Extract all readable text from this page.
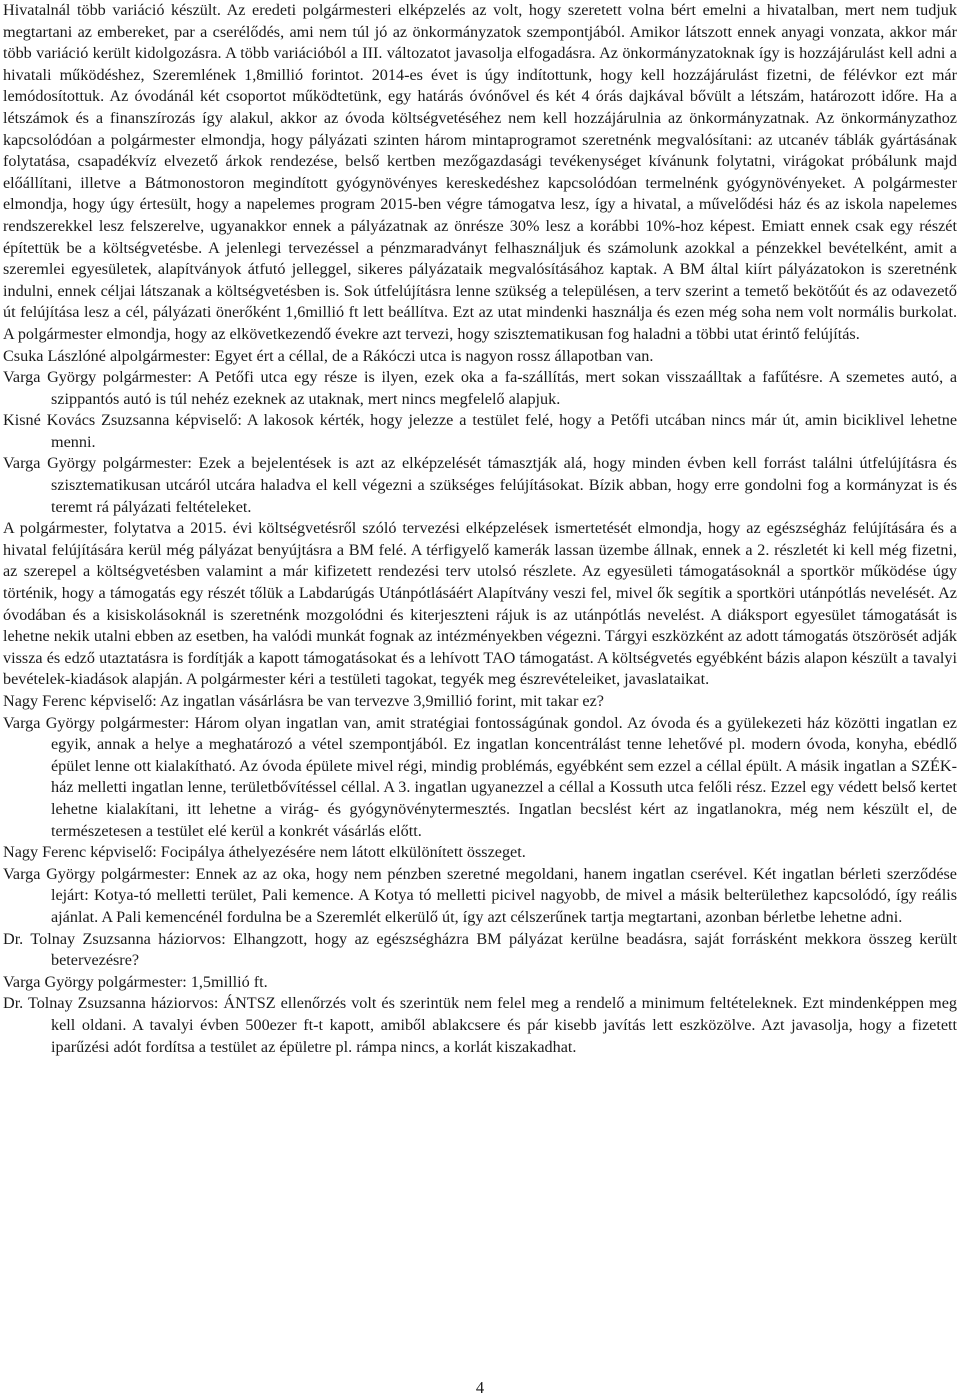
Hivatalnál több variáció készült. Az eredeti polgármesteri elképzelés az volt, hogy szeretett volna bért emelni a hivatalban, mert nem tudjuk megtartani az embereket, par a cserélődés, ami nem túl jó az önkormányzatok szempontjából. Amikor látszott ennek anyagi vonzata, akkor már több variáció került kidolgozásra. A több variációból a III. változatot javasolja elfogadásra. Az önkormányzatoknak így is hozzájárulást kell adni a hivatali működéshez, Szeremlének 1,8millió forintot. 2014-es évet is úgy indítottunk, hogy kell hozzájárulást fizetni, de félévkor ezt már lemódosítottuk. Az óvodánál két csoportot működtetünk, egy határás óvónővel és két 4 órás dajkával bővült a létszám, határozott időre. Ha a létszámok és a finanszírozás így alakul, akkor az óvoda költségvetéséhez nem kell hozzájárulnia az önkormányzatnak. Az önkormányzathoz kapcsolódóan a polgármester elmondja, hogy pályázati szinten három mintaprogramot szeretnénk megvalósítani: az utcanév táblák gyártásának folytatása, csapadékvíz elvezető árkok rendezése, belső kertben mezőgazdasági tevékenységet kívánunk folytatni, virágokat próbálunk majd előállítani, illetve a Bátmonostoron megindított gyógynövényes kereskedéshez kapcsolódóan termelnénk gyógynövényeket. A polgármester elmondja, hogy úgy értesült, hogy a napelemes program 2015-ben végre támogatva lesz, így a hivatal, a művelődési ház és az iskola napelemes rendszerekkel lesz felszerelve, ugyanakkor ennek a pályázatnak az önrésze 30% lesz a korábbi 10%-hoz képest. Emiatt ennek csak egy részét építettük be a költségvetésbe. A jelenlegi tervezéssel a pénzmaradványt felhasználjuk és számolunk azokkal a pénzekkel bevételként, amit a szeremlei egyesületek, alapítványok átfutó jelleggel, sikeres pályázataik megvalósításához kaptak. A BM által kiírt pályázatokon is szeretnénk indulni, ennek céljai látszanak a költségvetésben is. Sok útfelújításra lenne szükség a településen, a terv szerint a temető bekötőút és az odavezető út felújítása lesz a cél, pályázati önerőként 1,6millió ft lett beállítva. Ezt az utat mindenki használja és ezen még soha nem volt normális burkolat. A polgármester elmondja, hogy az elkövetkezendő évekre azt tervezi, hogy szisztematikusan fog haladni a többi utat érintő felújítás.

Csuka Lászlóné alpolgármester: Egyet ért a céllal, de a Rákóczi utca is nagyon rossz állapotban van.

Varga György polgármester: A Petőfi utca egy része is ilyen, ezek oka a fa-szállítás, mert sokan visszaálltak a fafűtésre. A szemetes autó, a szippantós autó is túl nehéz ezeknek az utaknak, mert nincs megfelelő alapjuk.

Kisné Kovács Zsuzsanna képviselő: A lakosok kérték, hogy jelezze a testület felé, hogy a Petőfi utcában nincs már út, amin biciklivel lehetne menni.

Varga György polgármester: Ezek a bejelentések is azt az elképzelését támasztják alá, hogy minden évben kell forrást találni útfelújításra és szisztematikusan utcáról utcára haladva el kell végezni a szükséges felújításokat. Bízik abban, hogy erre gondolni fog a kormányzat is és teremt rá pályázati feltételeket.

A polgármester, folytatva a 2015. évi költségvetésről szóló tervezési elképzelések ismertetését elmondja, hogy az egészségház felújítására és a hivatal felújítására kerül még pályázat benyújtásra a BM felé. A térfigyelő kamerák lassan üzembe állnak, ennek a 2. részletét ki kell még fizetni, az szerepel a költségvetésben valamint a már kifizetett rendezési terv utolsó részlete. Az egyesületi támogatásoknál a sportkör működése úgy történik, hogy a támogatás egy részét tőlük a Labdarúgás Utánpótlásáért Alapítvány veszi fel, mivel ők segítik a sportköri utánpótlás nevelését. Az óvodában és a kisiskolásoknál is szeretnénk mozgolódni és kiterjeszteni rájuk is az utánpótlás nevelést. A diáksport egyesület támogatását is lehetne nekik utalni ebben az esetben, ha valódi munkát fognak az intézményekben végezni. Tárgyi eszközként az adott támogatás ötszörösét adják vissza és edző utaztatásra is fordítják a kapott támogatásokat és a lehívott TAO támogatást. A költségvetés egyébként bázis alapon készült a tavalyi bevételek-kiadások alapján. A polgármester kéri a testületi tagokat, tegyék meg észrevételeiket, javaslataikat.

Nagy Ferenc képviselő: Az ingatlan vásárlásra be van tervezve 3,9millió forint, mit takar ez?

Varga György polgármester: Három olyan ingatlan van, amit stratégiai fontosságúnak gondol. Az óvoda és a gyülekezeti ház közötti ingatlan ez egyik, annak a helye a meghatározó a vétel szempontjából. Ez ingatlan koncentrálást tenne lehetővé pl. modern óvoda, konyha, ebédlő épület lenne ott kialakítható. Az óvoda épülete mivel régi, mindig problémás, egyébként sem ezzel a céllal épült. A másik ingatlan a SZÉK-ház melletti ingatlan lenne, területbővítéssel céllal. A 3. ingatlan ugyanezzel a céllal a Kossuth utca felőli rész. Ezzel egy védett belső kertet lehetne kialakítani, itt lehetne a virág- és gyógynövénytermesztés. Ingatlan becslést kért az ingatlanokra, még nem készült el, de természetesen a testület elé kerül a konkrét vásárlás előtt.

Nagy Ferenc képviselő: Focipálya áthelyezésére nem látott elkülönített összeget.

Varga György polgármester: Ennek az az oka, hogy nem pénzben szeretné megoldani, hanem ingatlan cserével. Két ingatlan bérleti szerződése lejárt: Kotya-tó melletti terület, Pali kemence. A Kotya tó melletti picivel nagyobb, de mivel a másik belterülethez kapcsolódó, így reális ajánlat. A Pali kemencénél fordulna be a Szeremlét elkerülő út, így azt célszerűnek tartja megtartani, azonban bérletbe lehetne adni.

Dr. Tolnay Zsuzsanna háziorvos: Elhangzott, hogy az egészségházra BM pályázat kerülne beadásra, saját forrásként mekkora összeg került betervezésre?

Varga György polgármester: 1,5millió ft.

Dr. Tolnay Zsuzsanna háziorvos: ÁNTSZ ellenőrzés volt és szerintük nem felel meg a rendelő a minimum feltételeknek. Ezt mindenképpen meg kell oldani. A tavalyi évben 500ezer ft-t kapott, amiből ablakcsere és pár kisebb javítás lett eszközölve. Azt javasolja, hogy a fizetett iparűzési adót fordítsa a testület az épületre pl. rámpa nincs, a korlát kiszakadhat.

4
